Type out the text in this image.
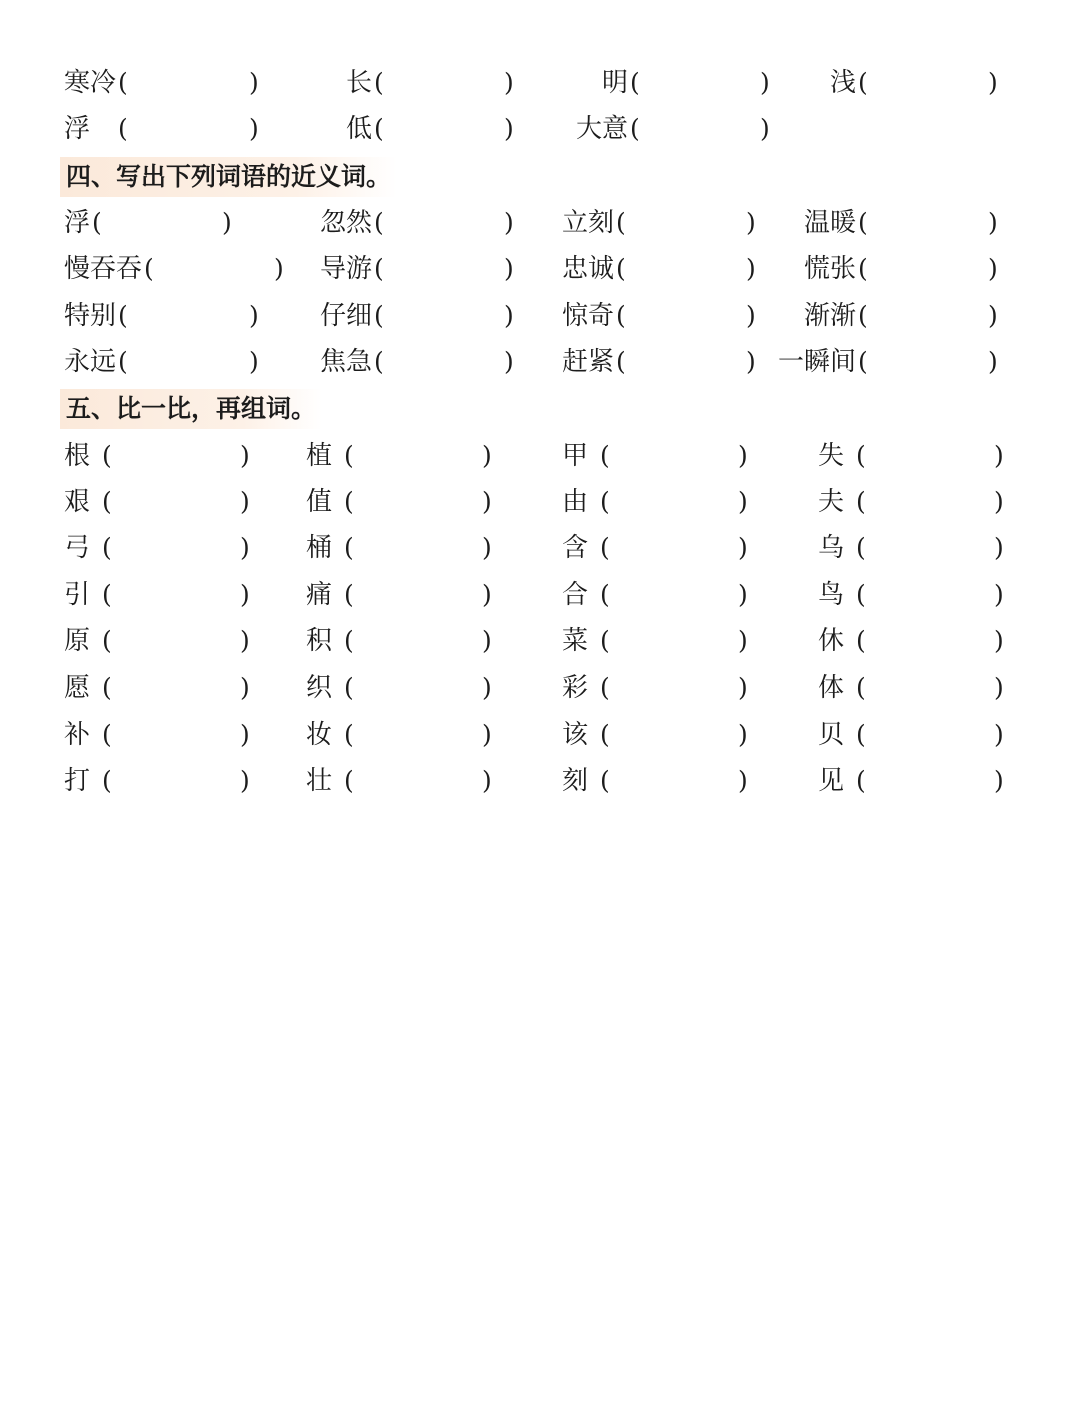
寒冷 (	)	长 (	)	明 (	) 浅 (	)
浮 (	)	低 (	) 大意 (	)
四、写出下列词语的近义词。
浮 (	)	忽然 (	) 立刻 (	) 温暖 (	)
慢吞吞 (	) 导游 (	) 忠诚 (	) 慌张 (	)
特别 (	) 仔细 (	) 惊奇 (	) 渐渐 (	)
永远 (	) 焦急 (	) 赶紧 (	) 一瞬间 (	)
五、比一比，再组词。
根 (	) 植 (	)	甲 (	)	失 (	)
艰 (	) 值 (	)	由 (	)	夫 (	)
弓 (	) 桶 (	)	含 (	)	乌 (	)
引 (	) 痛 (	)	合 (	)	鸟 (	)
原 (	) 积 (	)	菜 (	)	休 (	)
愿 (	) 织 (	)	彩 (	)	体 (	)
补 (	) 妆 (	)	该 (	)	贝 (	)
打 (	) 壮 (	)	刻 (	)	见 (	)
